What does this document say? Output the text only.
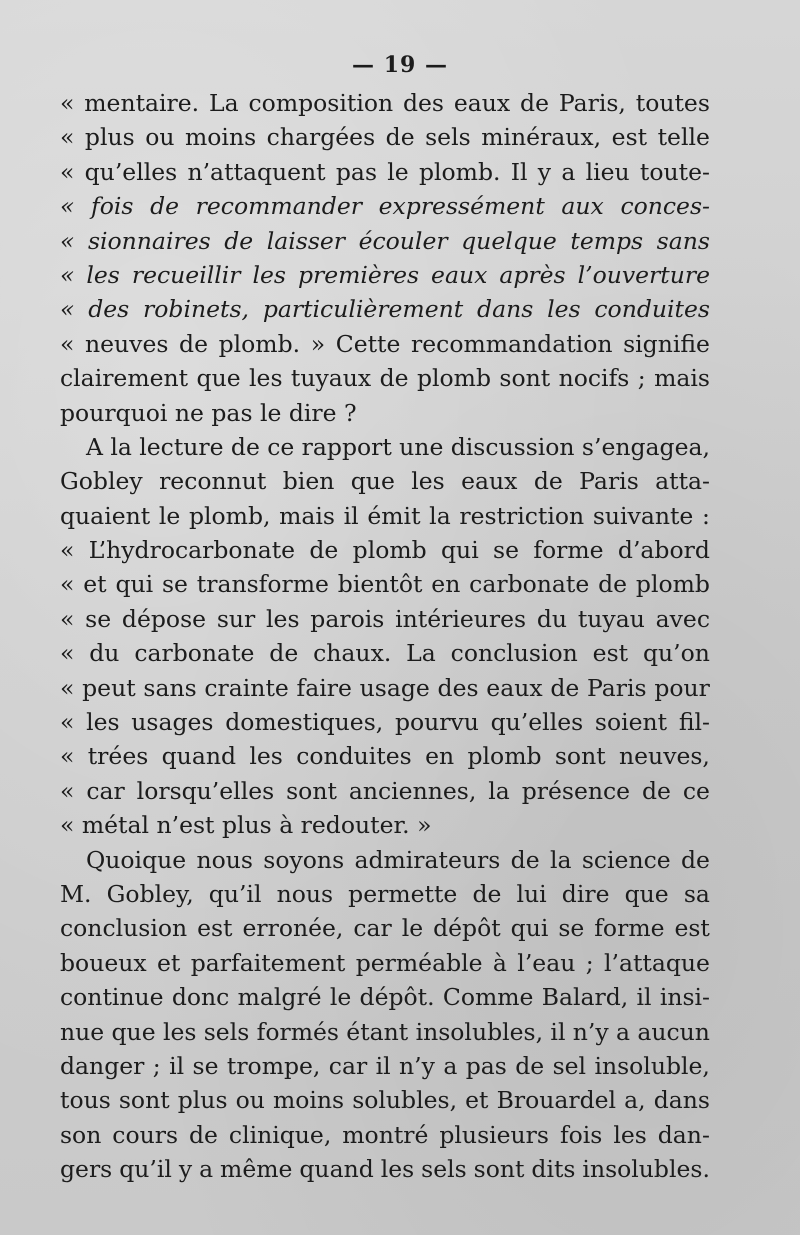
— 19 —
« mentaire. La composition des eaux de Paris, toutes
« plus ou moins chargées de sels minéraux, est telle
« qu’elles n’attaquent pas le plomb. Il y a lieu toute-
« fois de recommander expressément aux conces-
« sionnaires de laisser écouler quelque temps sans
« les recueillir les premières eaux après l’ouverture
« des robinets, particulièrement dans les conduites
« neuves de plomb. » Cette recommandation signifie
clairement que les tuyaux de plomb sont nocifs ; mais
pourquoi ne pas le dire ?
A la lecture de ce rapport une discussion s’engagea,
Gobley reconnut bien que les eaux de Paris atta-
quaient le plomb, mais il émit la restriction suivante :
« L’hydrocarbonate de plomb qui se forme d’abord
« et qui se transforme bientôt en carbonate de plomb
« se dépose sur les parois intérieures du tuyau avec
« du carbonate de chaux. La conclusion est qu’on
« peut sans crainte faire usage des eaux de Paris pour
« les usages domestiques, pourvu qu’elles soient fil-
« trées quand les conduites en plomb sont neuves,
« car lorsqu’elles sont anciennes, la présence de ce
« métal n’est plus à redouter. »
Quoique nous soyons admirateurs de la science de
M. Gobley, qu’il nous permette de lui dire que sa
conclusion est erronée, car le dépôt qui se forme est
boueux et parfaitement perméable à l’eau ; l’attaque
continue donc malgré le dépôt. Comme Balard, il insi-
nue que les sels formés étant insolubles, il n’y a aucun
danger ; il se trompe, car il n’y a pas de sel insoluble,
tous sont plus ou moins solubles, et Brouardel a, dans
son cours de clinique, montré plusieurs fois les dan-
gers qu’il y a même quand les sels sont dits insolubles.
